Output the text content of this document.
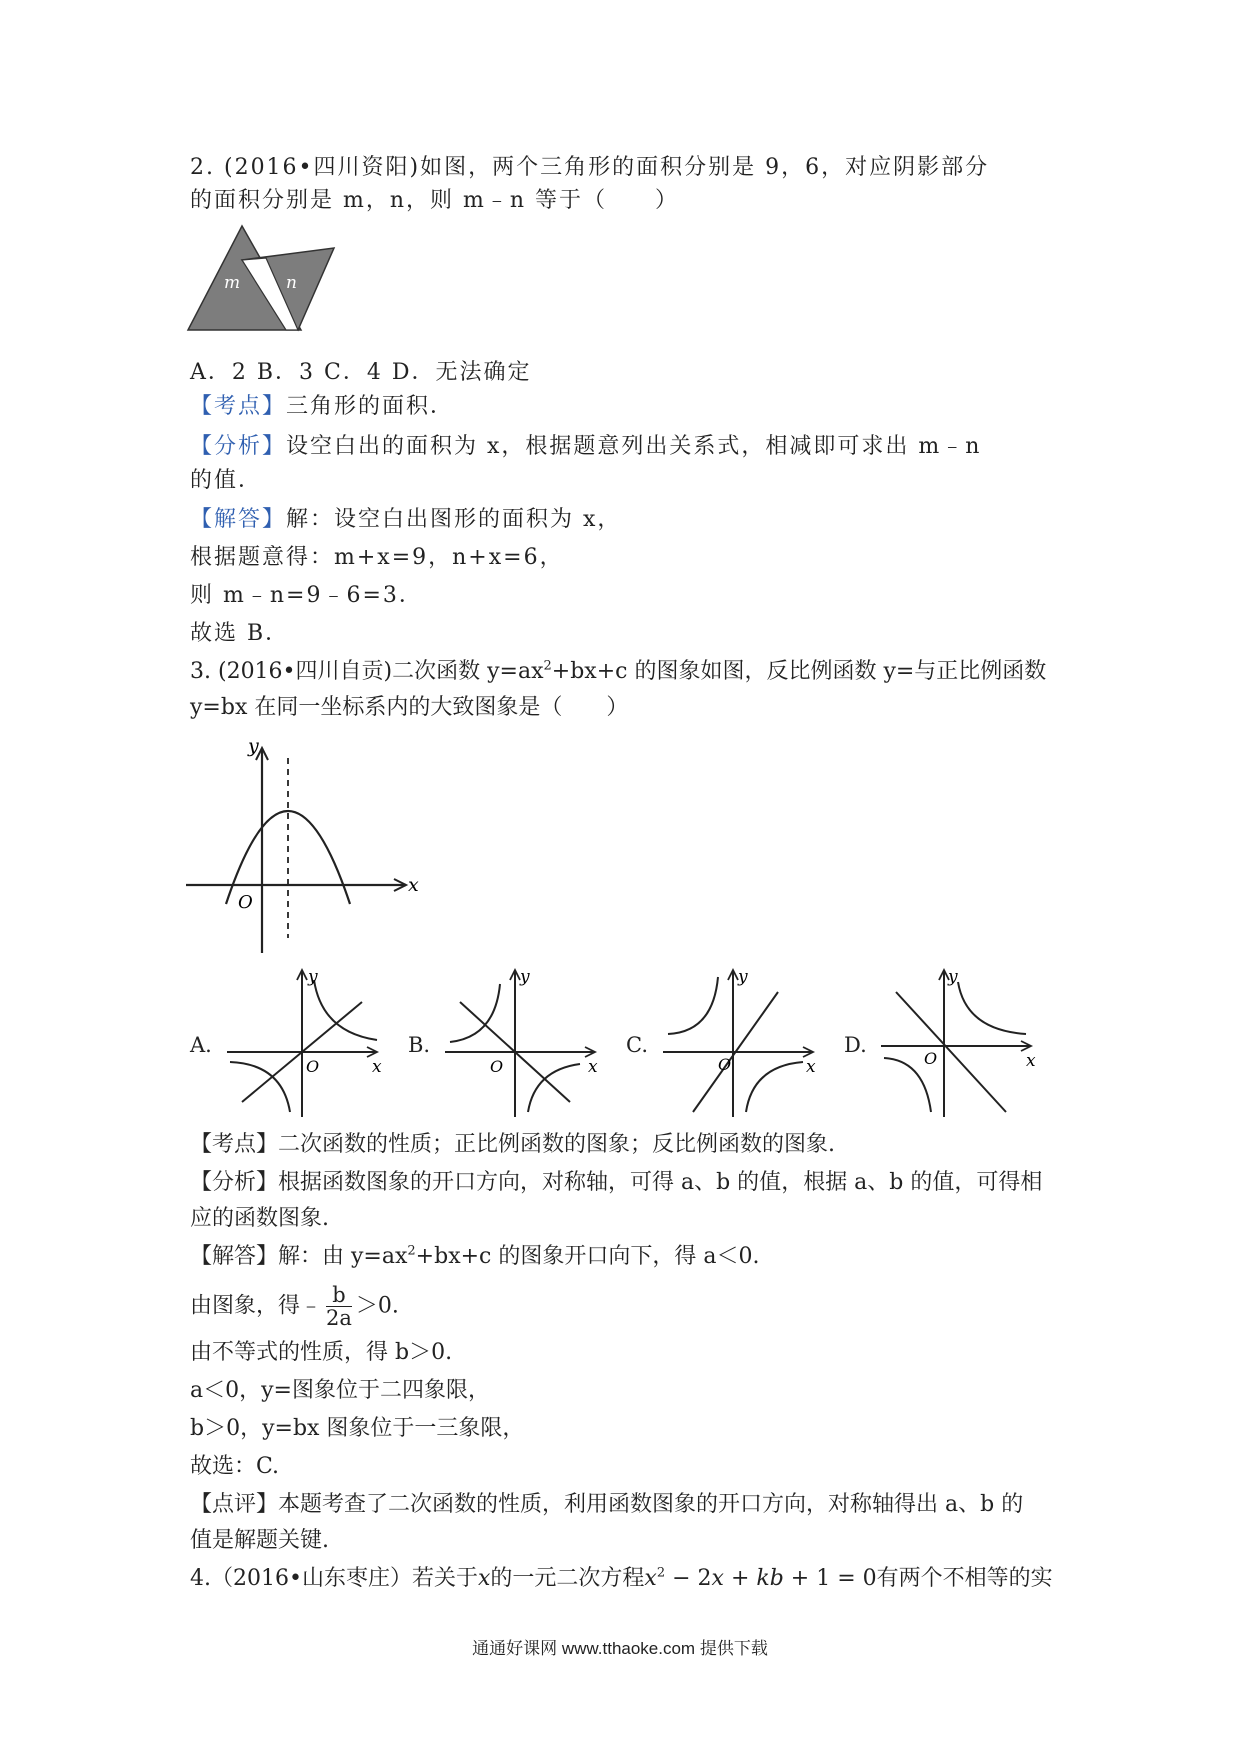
2. (2016•四川资阳)如图，两个三角形的面积分别是 9，6，对应阴影部分
的面积分别是 m，n，则 m﹣n 等于（　　）
m	n
A．2 B．3 C．4 D．无法确定
【考点】三角形的面积．
【分析】设空白出的面积为 x，根据题意列出关系式，相减即可求出 m﹣n
的值．
【解答】解：设空白出图形的面积为 x，
根据题意得：m+x=9，n+x=6，
则 m﹣n=9﹣6=3．
故选 B．
3. (2016•四川自贡)二次函数 $y=ax^2+bx+c$ 的图象如图，反比例函数 y=与正比例函数
y=bx 在同一坐标系内的大致图象是（　　）
y
x
O
A.
y
x
O
B.
y
x
O
C.
y
x
O
D.
y
x
O
【考点】二次函数的性质；正比例函数的图象；反比例函数的图象.
【分析】根据函数图象的开口方向，对称轴，可得 a、b 的值，根据 a、b 的值，可得相
应的函数图象.
【解答】解：由 $y=ax^2+bx+c$ 的图象开口向下，得 a＜0.
由图象，得﹣ $\frac{b}{2a} >0$.
由不等式的性质，得 b＞0.
a＜0，y=图象位于二四象限，
b＞0，y=bx 图象位于一三象限，
故选：C.
【点评】本题考查了二次函数的性质，利用函数图象的开口方向，对称轴得出 a、b 的
值是解题关键.
4.（2016•山东枣庄）若关于x的一元二次方程$x^2 - 2x$ + kb + 1 = 0有两个不相等的实
通通好课网 www.tthaoke.com 提供下载
